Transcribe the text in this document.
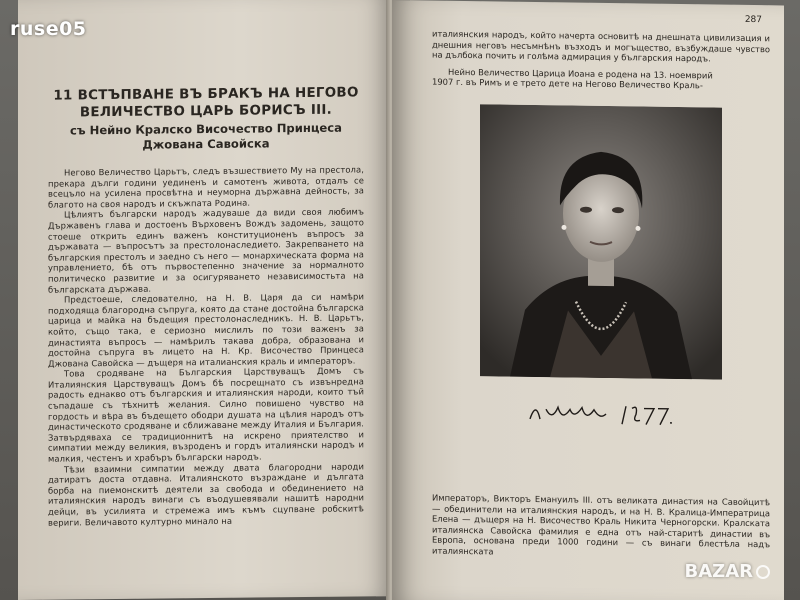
11 ВСТЪПВАНЕ ВЪ БРАКЪ НА НЕГОВО
ВЕЛИЧЕСТВО ЦАРЬ БОРИСЪ III.
съ Нейно Кралско Височество Принцеса
Джована Савойска

Негово Величество Царьтъ, следъ възшествието Му на престола, прекара дълги години уединенъ и самотенъ живота, отдалъ се всецъло на усилена просвѣтна и неуморна държавна дейность, за благото на своя народъ и скъжпата Родина.

Цѣлиятъ български народъ жадуваше да види своя любимъ Държавенъ глава и достоенъ Върховенъ Вождъ задомень, защото стоеше открить единъ важенъ конституционенъ въпросъ за държавата — въпросътъ за престолонаследието. Закрепването на българския престолъ и заедно съ него — монархическата форма на управлението, бѣ отъ първостепенно значение за нормалното политическо развитие и за осигуряването независимостьта на българската държава.

Предстоеше, следователно, на Н. В. Царя да си намѣри подходяща благородна съпруга, която да стане достойна българска царица и майка на бъдещия престолонаследникъ. Н. В. Царьтъ, който, също така, е сериозно мислилъ по този важенъ за династията въпросъ — намѣрилъ такава добра, образована и достойна съпруга въ лицето на Н. Кр. Височество Принцеса Джована Савойска — дъщеря на италианския краль и императоръ.

Това сродяване на Българския Царствуващъ Домъ съ Италиянския Царствуващъ Домъ бѣ посрещнато съ извънредна радость еднакво отъ българския и италиянския народи, които тъй съпадаше съ тѣхнитѣ желания. Силно повишено чувство на гордость и вѣра въ бъдещето ободри душата на цѣлия народъ отъ династическото сродяване и сближаване между Италия и България. Затвърдяваха се традиционнитѣ на искрено приятелство и симпатии между великия, възроденъ и гордъ италиянски народъ и малкия, честенъ и храбъръ български народъ.

Тѣзи взаимни симпатии между двата благородни народи датиратъ доста отдавна. Италиянското възраждане и дългата борба на пиемонскитѣ деятели за свобода и обединението на италиянския народъ винаги съ въодушевявали нашитѣ народни дейци, въ усилията и стремежа имъ къмъ сцупване робскитѣ вериги. Величавото културно минало на

287

италиянския народъ, който начерта основитѣ на днешната цивилизация и днешния неговъ несъмнѣнъ възходъ и могъщество, възбуждаше чувство на дълбока почить и голѣма адмирация у българския народъ.

Нейно Величество Царица Иоана е родена на 13. ноемврий

1907 г. въ Римъ и е трето дете на Негово Величество Краль-

Императоръ, Викторъ Емануилъ III. отъ великата династия на Савойцитѣ — обединители на италиянския народъ, и на Н. В. Кралица-Императрица Елена — дъщеря на Н. Височество Краль Никита Черногорски. Кралската италиянска Савойска фамилия е една отъ най-старитѣ династии въ Европа, основана преди 1000 години — съ винаги блестѣла надъ италиянската

ruse05
BAZAR
